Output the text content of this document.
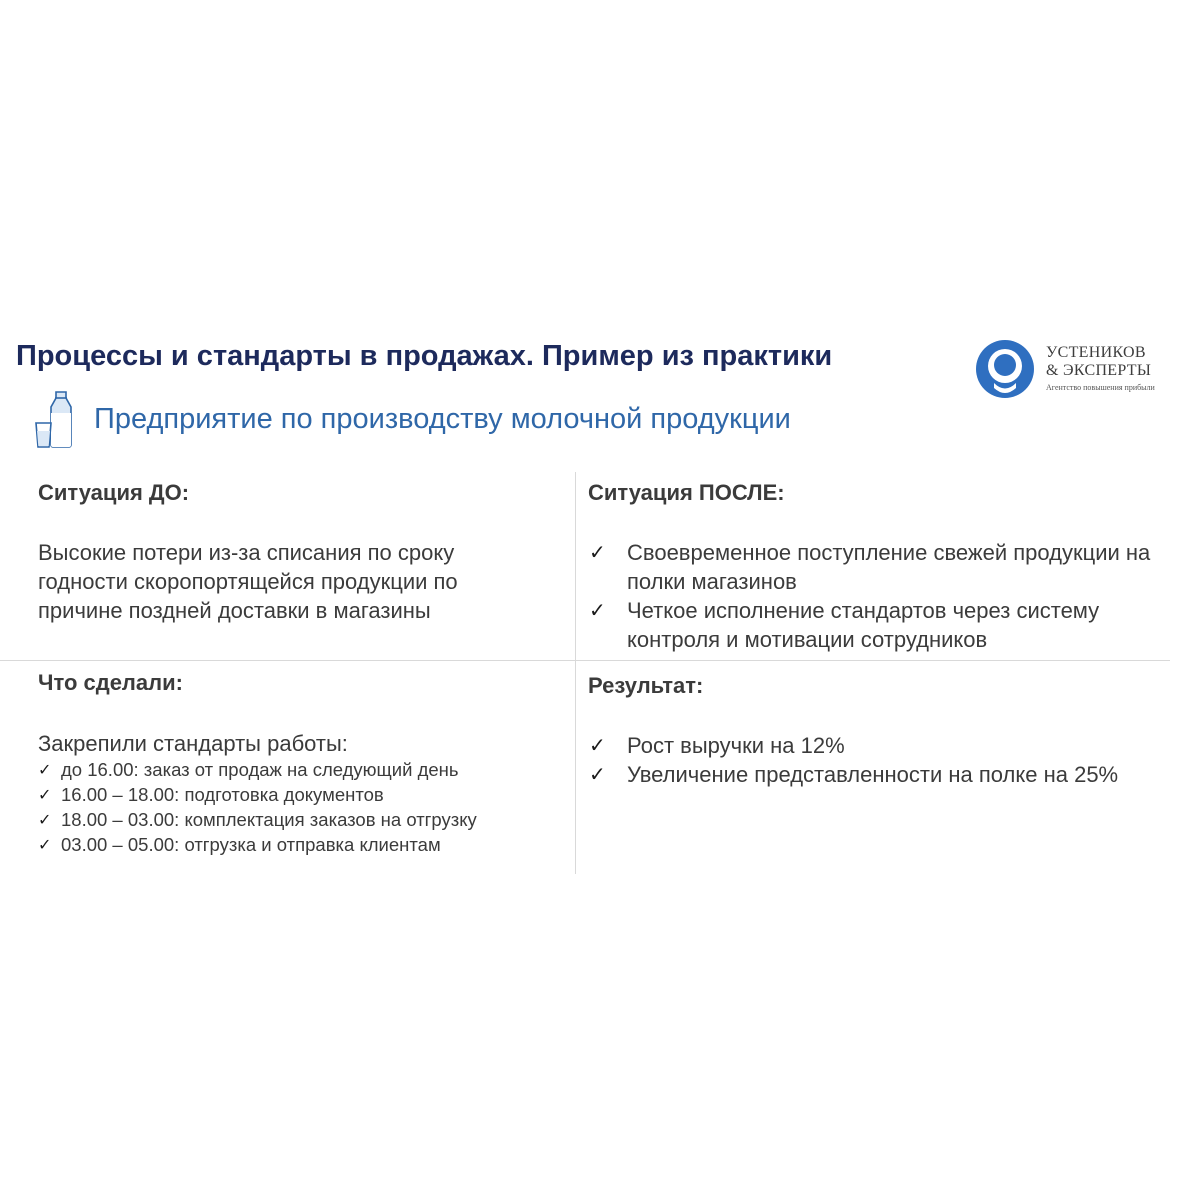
Процессы и стандарты в продажах. Пример из практики	УСТЕНИКОВ
& ЭКСПЕРТЫ
Агентство повышения прибыли
Предприятие по производству молочной продукции
Ситуация ДО:
Высокие потери из-за списания по сроку годности скоропортящейся продукции по причине поздней доставки в магазины
Ситуация ПОСЛЕ:
✓ Своевременное поступление свежей продукции на полки магазинов
✓ Четкое исполнение стандартов через систему контроля и мотивации сотрудников
Что сделали:
Закрепили стандарты работы:
✓ до 16.00: заказ от продаж на следующий день
✓ 16.00 – 18.00: подготовка документов
✓ 18.00 – 03.00: комплектация заказов на отгрузку
✓ 03.00 – 05.00: отгрузка и отправка клиентам
Результат:
✓ Рост выручки на 12%
✓ Увеличение представленности на полке на 25%
